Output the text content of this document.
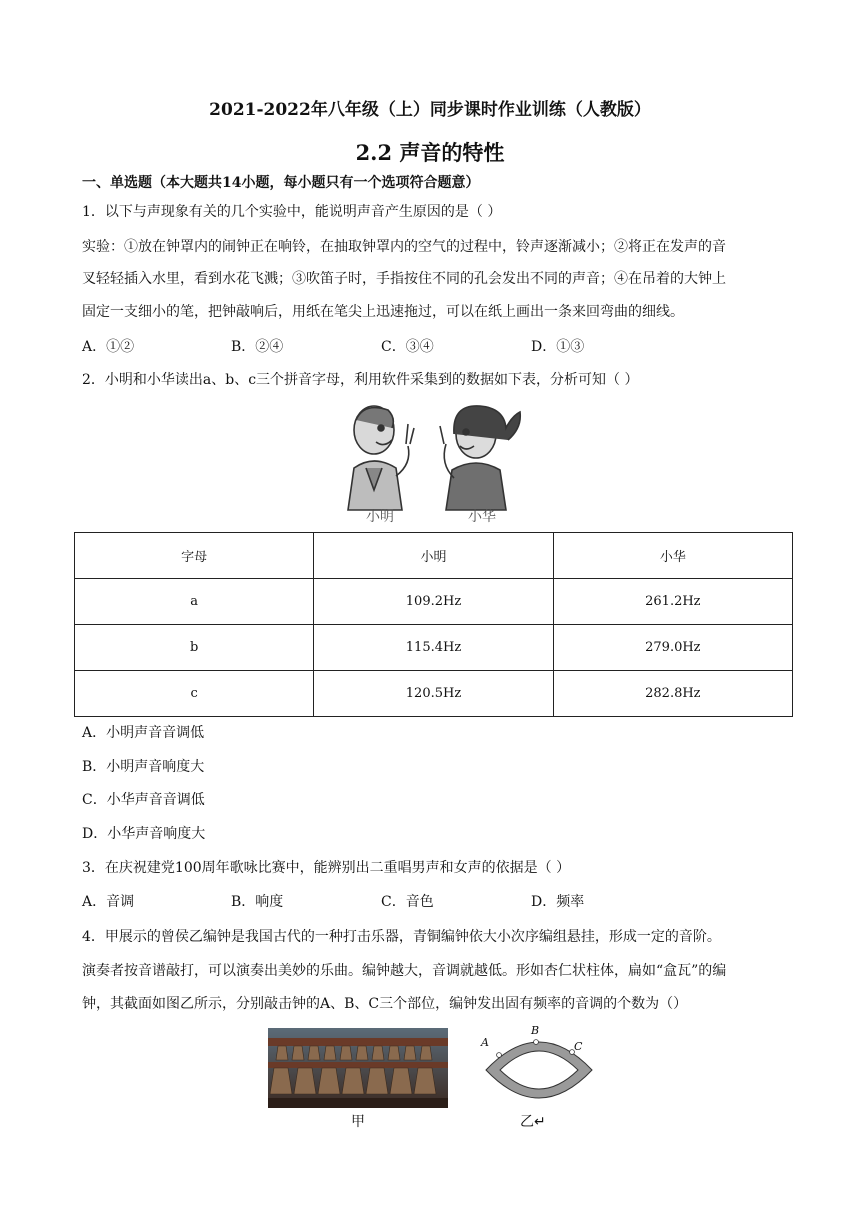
2021-2022年八年级（上）同步课时作业训练（人教版）
2.2 声音的特性
一、单选题（本大题共14小题，每小题只有一个选项符合题意）
1．以下与声现象有关的几个实验中，能说明声音产生原因的是（ ）
实验：①放在钟罩内的闹钟正在响铃，在抽取钟罩内的空气的过程中，铃声逐渐减小；②将正在发声的音
叉轻轻插入水里，看到水花飞溅；③吹笛子时，手指按住不同的孔会发出不同的声音；④在吊着的大钟上
固定一支细小的笔，把钟敲响后，用纸在笔尖上迅速拖过，可以在纸上画出一条来回弯曲的细线。
A．①②	B．②④	C．③④	D．①③
2．小明和小华读出a、b、c三个拼音字母，利用软件采集到的数据如下表，分析可知（ ）
小明	小华
字母	小明	小华
a	109.2Hz	261.2Hz
b	115.4Hz	279.0Hz
c	120.5Hz	282.8Hz
A．小明声音音调低
B．小明声音响度大
C．小华声音音调低
D．小华声音响度大
3．在庆祝建党100周年歌咏比赛中，能辨别出二重唱男声和女声的依据是（ ）
A．音调	B．响度	C．音色	D．频率
4．甲展示的曾侯乙编钟是我国古代的一种打击乐器，青铜编钟依大小次序编组悬挂，形成一定的音阶。
演奏者按音谱敲打，可以演奏出美妙的乐曲。编钟越大，音调就越低。形如杏仁状柱体，扁如“盒瓦”的编
钟，其截面如图乙所示，分别敲击钟的A、B、C三个部位，编钟发出固有频率的音调的个数为（）
甲
A
B
C
乙↵
